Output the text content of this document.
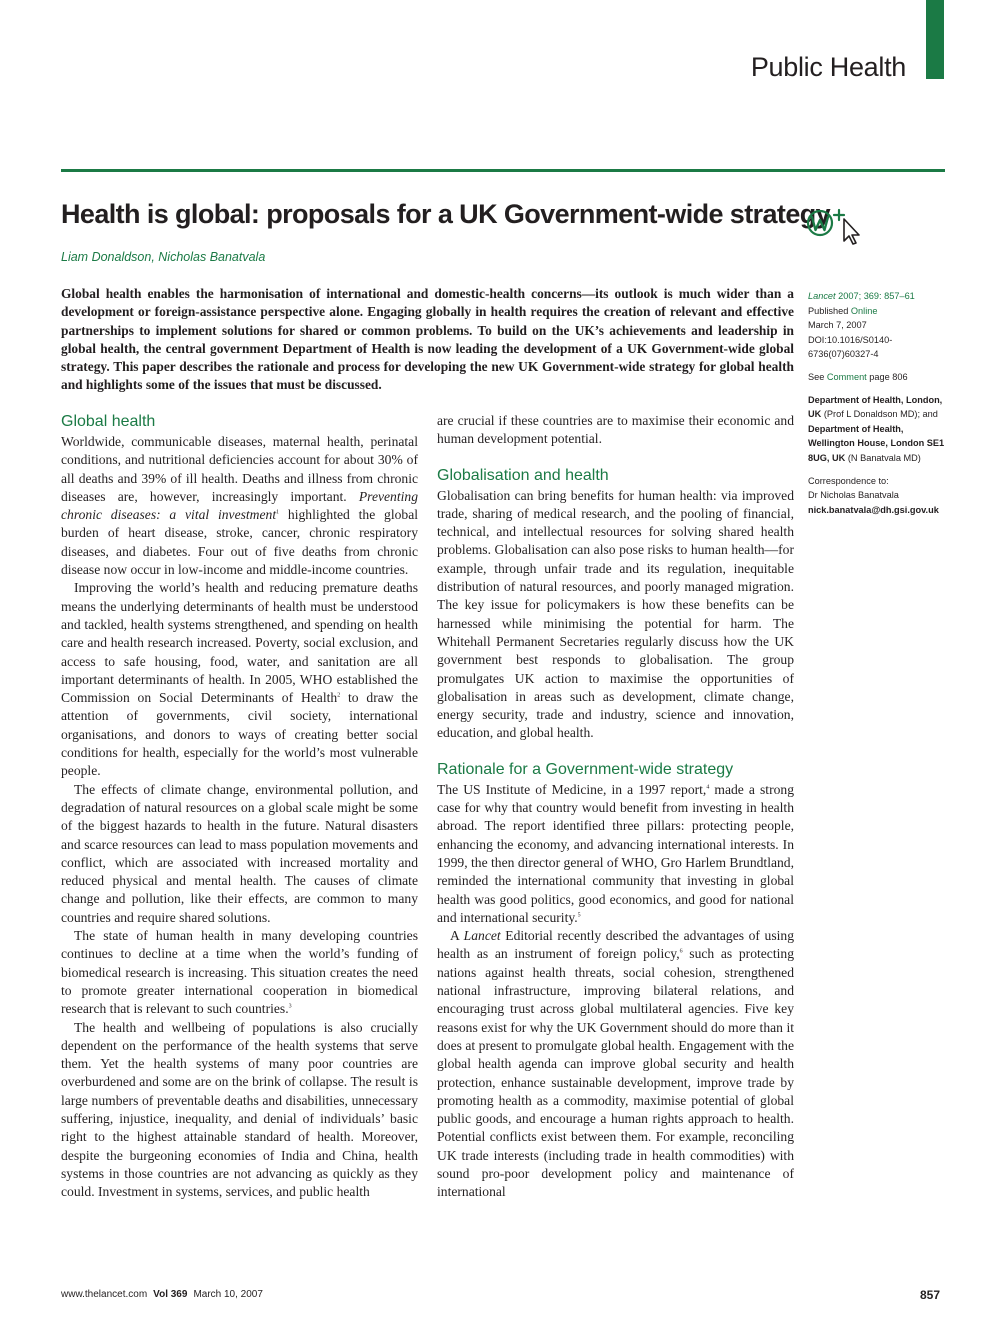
Public Health
Health is global: proposals for a UK Government-wide strategy
Liam Donaldson, Nicholas Banatvala

Global health enables the harmonisation of international and domestic-health concerns—its outlook is much wider than a development or foreign-assistance perspective alone. Engaging globally in health requires the creation of relevant and effective partnerships to implement solutions for shared or common problems. To build on the UK’s achievements and leadership in global health, the central government Department of Health is now leading the development of a UK Government-wide global strategy. This paper describes the rationale and process for developing the new UK Government-wide strategy for global health and highlights some of the issues that must be discussed.

Lancet 2007; 369: 857–61
Published Online
March 7, 2007
DOI:10.1016/S0140-6736(07)60327-4
See Comment page 806
Department of Health, London, UK (Prof L Donaldson MD); and Department of Health, Wellington House, London SE1 8UG, UK (N Banatvala MD)
Correspondence to:
Dr Nicholas Banatvala
nick.banatvala@dh.gsi.gov.uk
Global health

Worldwide, communicable diseases, maternal health, perinatal conditions, and nutritional deficiencies account for about 30% of all deaths and 39% of ill health. Deaths and illness from chronic diseases are, however, increasingly important. Preventing chronic diseases: a vital investment$^1$ highlighted the global burden of heart disease, stroke, cancer, chronic respiratory diseases, and diabetes. Four out of five deaths from chronic disease now occur in low-income and middle-income countries.

Improving the world’s health and reducing premature deaths means the underlying determinants of health must be understood and tackled, health systems strengthened, and spending on health care and health research increased. Poverty, social exclusion, and access to safe housing, food, water, and sanitation are all important determinants of health. In 2005, WHO established the Commission on Social Determinants of Health$^2$ to draw the attention of governments, civil society, international organisations, and donors to ways of creating better social conditions for health, especially for the world’s most vulnerable people.

The effects of climate change, environmental pollution, and degradation of natural resources on a global scale might be some of the biggest hazards to health in the future. Natural disasters and scarce resources can lead to mass population movements and conflict, which are associated with increased mortality and reduced physical and mental health. The causes of climate change and pollution, like their effects, are common to many countries and require shared solutions.

The state of human health in many developing countries continues to decline at a time when the world’s funding of biomedical research is increasing. This situation creates the need to promote greater international cooperation in biomedical research that is relevant to such countries.$^3$

The health and wellbeing of populations is also crucially dependent on the performance of the health systems that serve them. Yet the health systems of many poor countries are overburdened and some are on the brink of collapse. The result is large numbers of preventable deaths and disabilities, unnecessary suffering, injustice, inequality, and denial of individuals’ basic right to the highest attainable standard of health. Moreover, despite the burgeoning economies of India and China, health systems in those countries are not advancing as quickly as they could. Investment in systems, services, and public health

are crucial if these countries are to maximise their economic and human development potential.

Globalisation and health

Globalisation can bring benefits for human health: via improved trade, sharing of medical research, and the pooling of financial, technical, and intellectual resources for solving shared health problems. Globalisation can also pose risks to human health—for example, through unfair trade and its regulation, inequitable distribution of natural resources, and poorly managed migration. The key issue for policymakers is how these benefits can be harnessed while minimising the potential for harm. The Whitehall Permanent Secretaries regularly discuss how the UK government best responds to globalisation. The group promulgates UK action to maximise the opportunities of globalisation in areas such as development, climate change, energy security, trade and industry, science and innovation, education, and global health.

Rationale for a Government-wide strategy

The US Institute of Medicine, in a 1997 report,$^4$ made a strong case for why that country would benefit from investing in health abroad. The report identified three pillars: protecting people, enhancing the economy, and advancing international interests. In 1999, the then director general of WHO, Gro Harlem Brundtland, reminded the international community that investing in global health was good politics, good economics, and good for national and international security.$^5$

A Lancet Editorial recently described the advantages of using health as an instrument of foreign policy,$^6$ such as protecting nations against health threats, social cohesion, strengthened national infrastructure, improving bilateral relations, and encouraging trust across global multilateral agencies. Five key reasons exist for why the UK Government should do more than it does at present to promulgate global health. Engagement with the global health agenda can improve global security and health protection, enhance sustainable development, improve trade by promoting health as a commodity, maximise potential of global public goods, and encourage a human rights approach to health. Potential conflicts exist between them. For example, reconciling UK trade interests (including trade in health commodities) with sound pro-poor development policy and maintenance of international

www.thelancet.com Vol 369 March 10, 2007	857
